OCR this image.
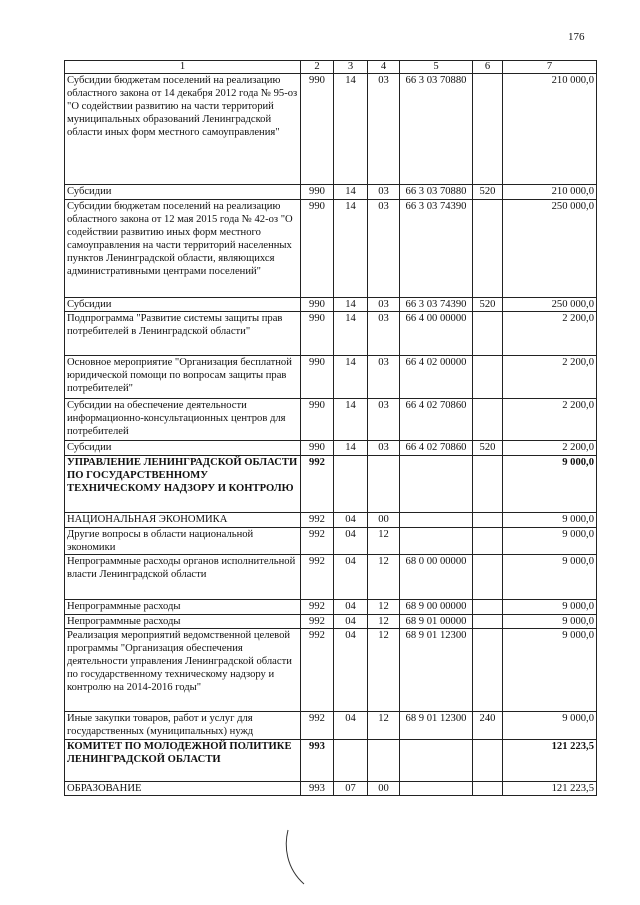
176
1	2	3	4	5	6	7
Субсидии бюджетам поселений на реализацию областного закона от 14 декабря 2012 года № 95-оз "О содействии развитию на части территорий муниципальных образований Ленинградской области иных форм местного самоуправления"	990	14	03	66 3 03 70880		210 000,0
Субсидии	990	14	03	66 3 03 70880	520	210 000,0
Субсидии бюджетам поселений на реализацию областного закона от 12 мая 2015 года № 42-оз "О содействии развитию иных форм местного самоуправления на части территорий населенных пунктов Ленинградской области, являющихся административными центрами поселений"	990	14	03	66 3 03 74390		250 000,0
Субсидии	990	14	03	66 3 03 74390	520	250 000,0
Подпрограмма "Развитие системы защиты прав потребителей в Ленинградской области"	990	14	03	66 4 00 00000		2 200,0
Основное мероприятие "Организация бесплатной юридической помощи по вопросам защиты прав потребителей"	990	14	03	66 4 02 00000		2 200,0
Субсидии на обеспечение деятельности информационно-консультационных центров для потребителей	990	14	03	66 4 02 70860		2 200,0
Субсидии	990	14	03	66 4 02 70860	520	2 200,0
УПРАВЛЕНИЕ ЛЕНИНГРАДСКОЙ ОБЛАСТИ ПО ГОСУДАРСТВЕННОМУ ТЕХНИЧЕСКОМУ НАДЗОРУ И КОНТРОЛЮ	992					9 000,0
НАЦИОНАЛЬНАЯ ЭКОНОМИКА	992	04	00			9 000,0
Другие вопросы в области национальной экономики	992	04	12			9 000,0
Непрограммные расходы органов исполнительной власти Ленинградской области	992	04	12	68 0 00 00000		9 000,0
Непрограммные расходы	992	04	12	68 9 00 00000		9 000,0
Непрограммные расходы	992	04	12	68 9 01 00000		9 000,0
Реализация мероприятий ведомственной целевой программы "Организация обеспечения деятельности управления Ленинградской области по государственному техническому надзору и контролю на 2014-2016 годы"	992	04	12	68 9 01 12300		9 000,0
Иные закупки товаров, работ и услуг для государственных (муниципальных) нужд	992	04	12	68 9 01 12300	240	9 000,0
КОМИТЕТ ПО МОЛОДЕЖНОЙ ПОЛИТИКЕ ЛЕНИНГРАДСКОЙ ОБЛАСТИ	993					121 223,5
ОБРАЗОВАНИЕ	993	07	00			121 223,5
